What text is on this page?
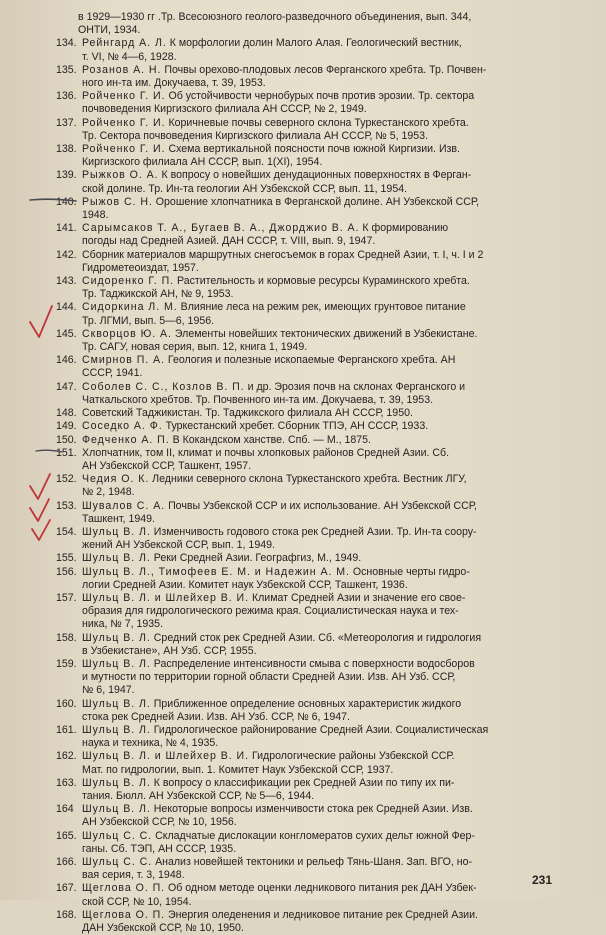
в 1929—1930 гг .Тр. Всесоюзного геолого-разведочного объединения, вып. 344,
ОНТИ, 1934.
134. Рейнгард А. Л. К морфологии долин Малого Алая. Геологический вестник,
т. VI, № 4—6, 1928.
135. Розанов А. Н. Почвы орехово-плодовых лесов Ферганского хребта. Тр. Почвен-
ного ин-та им. Докучаева, т. 39, 1953.
136. Ройченко Г. И. Об устойчивости чернобурых почв против эрозии. Тр. сектора
почвоведения Киргизского филиала АН СССР, № 2, 1949.
137. Ройченко Г. И. Коричневые почвы северного склона Туркестанского хребта.
Тр. Сектора почвоведения Киргизского филиала АН СССР, № 5, 1953.
138. Ройченко Г. И. Схема вертикальной поясности почв южной Киргизии. Изв.
Киргизского филиала АН СССР, вып. 1(XI), 1954.
139. Рыжков О. А. К вопросу о новейших денудационных поверхностях в Ферган-
ской долине. Тр. Ин-та геологии АН Узбекской ССР, вып. 11, 1954.
140. Рыжов С. Н. Орошение хлопчатника в Ферганской долине. АН Узбекской ССР,
1948.
141. Сарымсаков Т. А., Бугаев В. А., Джорджио В. А. К формированию
погоды над Средней Азией. ДАН СССР, т. VIII, вып. 9, 1947.
142. Сборник материалов маршрутных снегосъемок в горах Средней Азии, т. I, ч. I и 2
Гидрометеоиздат, 1957.
143. Сидоренко Г. П. Растительность и кормовые ресурсы Кураминского хребта.
Тр. Таджикской АН, № 9, 1953.
144. Сидоркина Л. М. Влияние леса на режим рек, имеющих грунтовое питание
Тр. ЛГМИ, вып. 5—6, 1956.
145. Скворцов Ю. А. Элементы новейших тектонических движений в Узбекистане.
Тр. САГУ, новая серия, вып. 12, книга 1, 1949.
146. Смирнов П. А. Геология и полезные ископаемые Ферганского хребта. АН
СССР, 1941.
147. Соболев С. С., Козлов В. П. и др. Эрозия почв на склонах Ферганского и
Чаткальского хребтов. Тр. Почвенного ин-та им. Докучаева, т. 39, 1953.
148. Советский Таджикистан. Тр. Таджикского филиала АН СССР, 1950.
149. Соседко А. Ф. Туркестанский хребет. Сборник ТПЭ, АН СССР, 1933.
150. Федченко А. П. В Кокандском ханстве. Спб. — М., 1875.
151. Хлопчатник, том II, климат и почвы хлопковых районов Средней Азии. Сб.
АН Узбекской ССР, Ташкент, 1957.
152. Чедия О. К. Ледники северного склона Туркестанского хребта. Вестник ЛГУ,
№ 2, 1948.
153. Шувалов С. А. Почвы Узбекской ССР и их использование. АН Узбекской ССР,
Ташкент, 1949.
154. Шульц В. Л. Изменчивость годового стока рек Средней Азии. Тр. Ин-та соору-
жений АН Узбекской ССР, вып. 1, 1949.
155. Шульц В. Л. Реки Средней Азии. Географгиз, М., 1949.
156. Шульц В. Л., Тимофеев Е. М. и Надежин А. М. Основные черты гидро-
логии Средней Азии. Комитет наук Узбекской ССР, Ташкент, 1936.
157. Шульц В. Л. и Шлейхер В. И. Климат Средней Азии и значение его свое-
образия для гидрологического режима края. Социалистическая наука и тех-
ника, № 7, 1935.
158. Шульц В. Л. Средний сток рек Средней Азии. Сб. «Метеорология и гидрология
в Узбекистане», АН Узб. ССР, 1955.
159. Шульц В. Л. Распределение интенсивности смыва с поверхности водосборов
и мутности по территории горной области Средней Азии. Изв. АН Узб. ССР,
№ 6, 1947.
160. Шульц В. Л. Приближенное определение основных характеристик жидкого
стока рек Средней Азии. Изв. АН Узб. ССР, № 6, 1947.
161. Шульц В. Л. Гидрологическое районирование Средней Азии. Социалистическая
наука и техника, № 4, 1935.
162. Шульц В. Л. и Шлейхер В. И. Гидрологические районы Узбекской ССР.
Мат. по гидрологии, вып. 1. Комитет Наук Узбекской ССР, 1937.
163. Шульц В. Л. К вопросу о классификации рек Средней Азии по типу их пи-
тания. Бюлл. АН Узбекской ССР, № 5—6, 1944.
164 Шульц В. Л. Некоторые вопросы изменчивости стока рек Средней Азии. Изв.
АН Узбекской ССР, № 10, 1956.
165. Шульц С. С. Складчатые дислокации конгломератов сухих дельт южной Фер-
ганы. Сб. ТЭП, АН СССР, 1935.
166. Шульц С. С. Анализ новейшей тектоники и рельеф Тянь-Шаня. Зап. ВГО, но-
вая серия, т. 3, 1948.
167. Щеглова О. П. Об одном методе оценки ледникового питания рек ДАН Узбек-
ской ССР, № 10, 1954.
168. Щеглова О. П. Энергия оледенения и ледниковое питание рек Средней Азии.
ДАН Узбекской ССР, № 10, 1950.
231
